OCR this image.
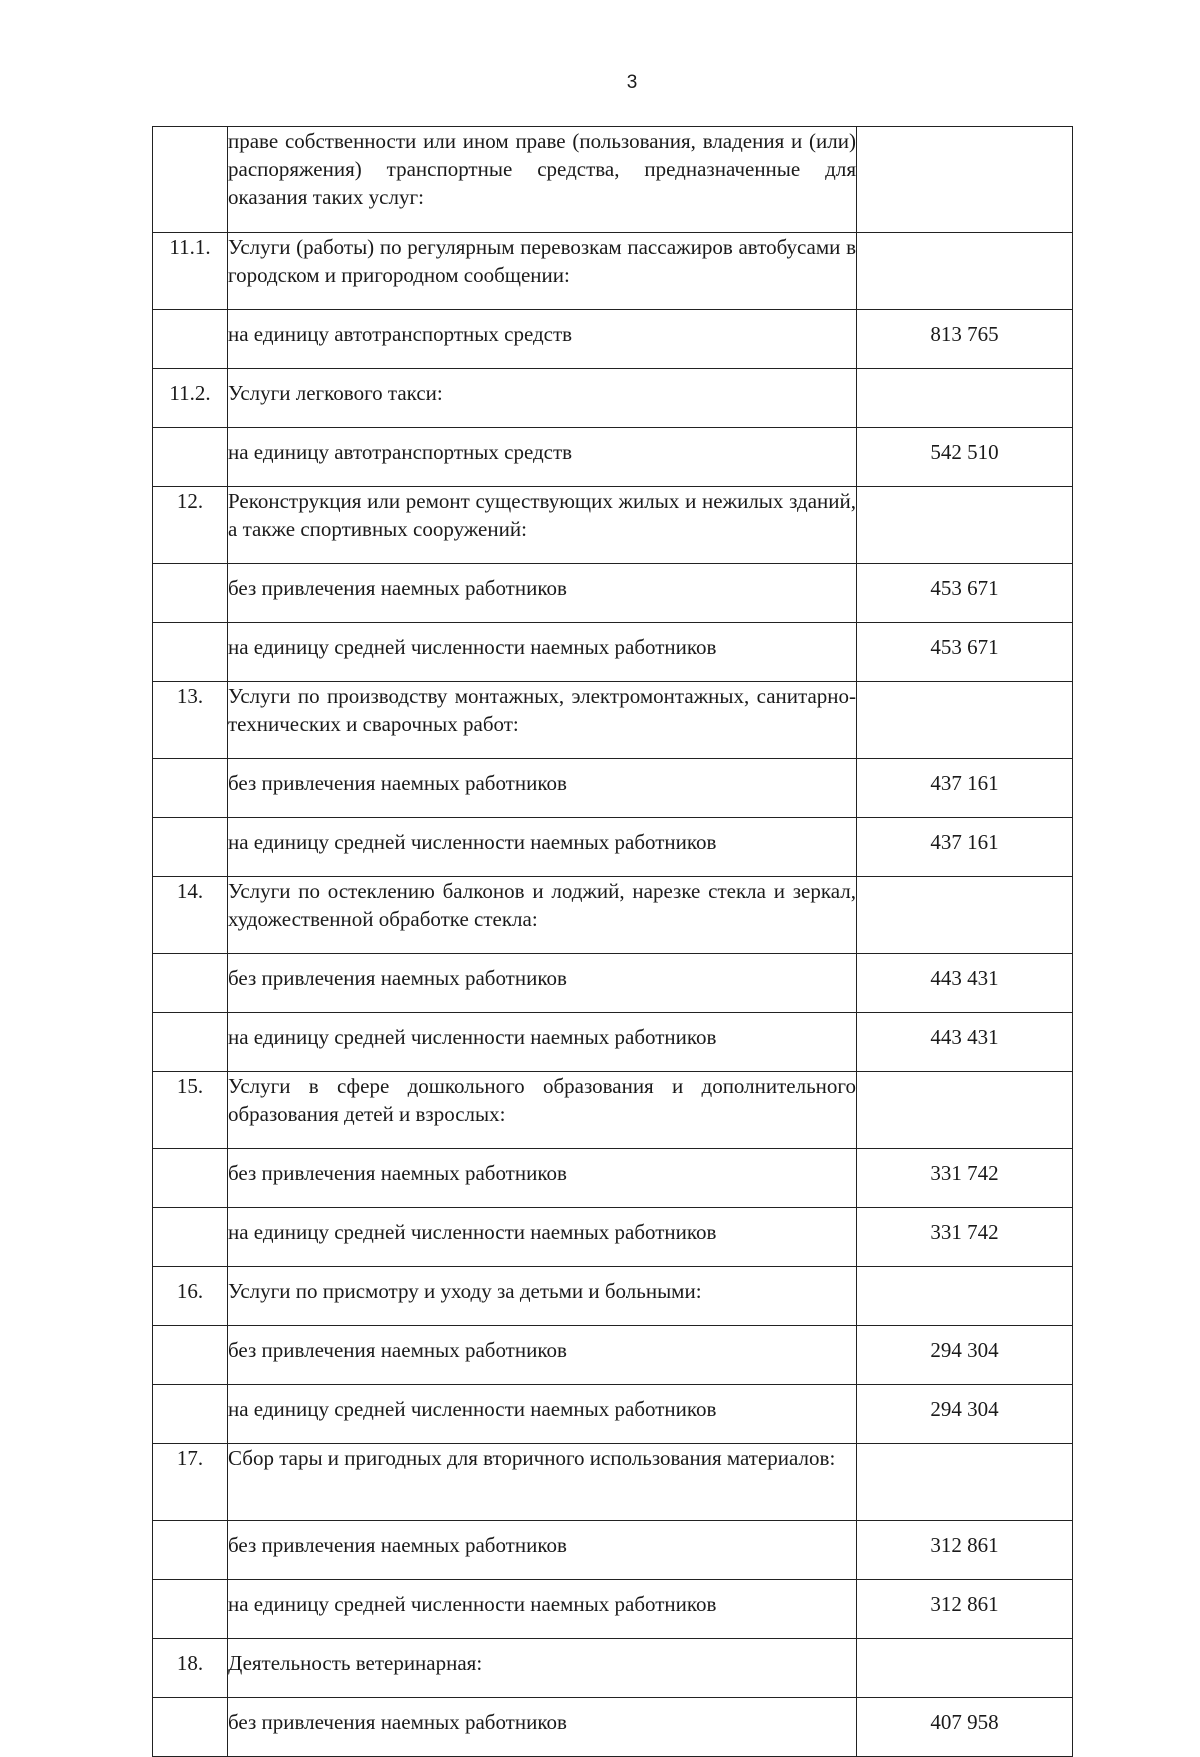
3
	праве собственности или ином праве (пользования, владения и (или) распоряжения) транспортные средства, предназначенные для оказания таких услуг:	
11.1.	Услуги (работы) по регулярным перевозкам пассажиров автобусами в городском и пригородном сообщении:	
	на единицу автотранспортных средств	813 765
11.2.	Услуги легкового такси:	
	на единицу автотранспортных средств	542 510
12.	Реконструкция или ремонт существующих жилых и нежилых зданий, а также спортивных сооружений:	
	без привлечения наемных работников	453 671
	на единицу средней численности наемных работников	453 671
13.	Услуги по производству монтажных, электромонтажных, санитарно-технических и сварочных работ:	
	без привлечения наемных работников	437 161
	на единицу средней численности наемных работников	437 161
14.	Услуги по остеклению балконов и лоджий, нарезке стекла и зеркал, художественной обработке стекла:	
	без привлечения наемных работников	443 431
	на единицу средней численности наемных работников	443 431
15.	Услуги в сфере дошкольного образования и дополнительного образования детей и взрослых:	
	без привлечения наемных работников	331 742
	на единицу средней численности наемных работников	331 742
16.	Услуги по присмотру и уходу за детьми и больными:	
	без привлечения наемных работников	294 304
	на единицу средней численности наемных работников	294 304
17.	Сбор тары и пригодных для вторичного использования материалов:	
	без привлечения наемных работников	312 861
	на единицу средней численности наемных работников	312 861
18.	Деятельность ветеринарная:	
	без привлечения наемных работников	407 958
